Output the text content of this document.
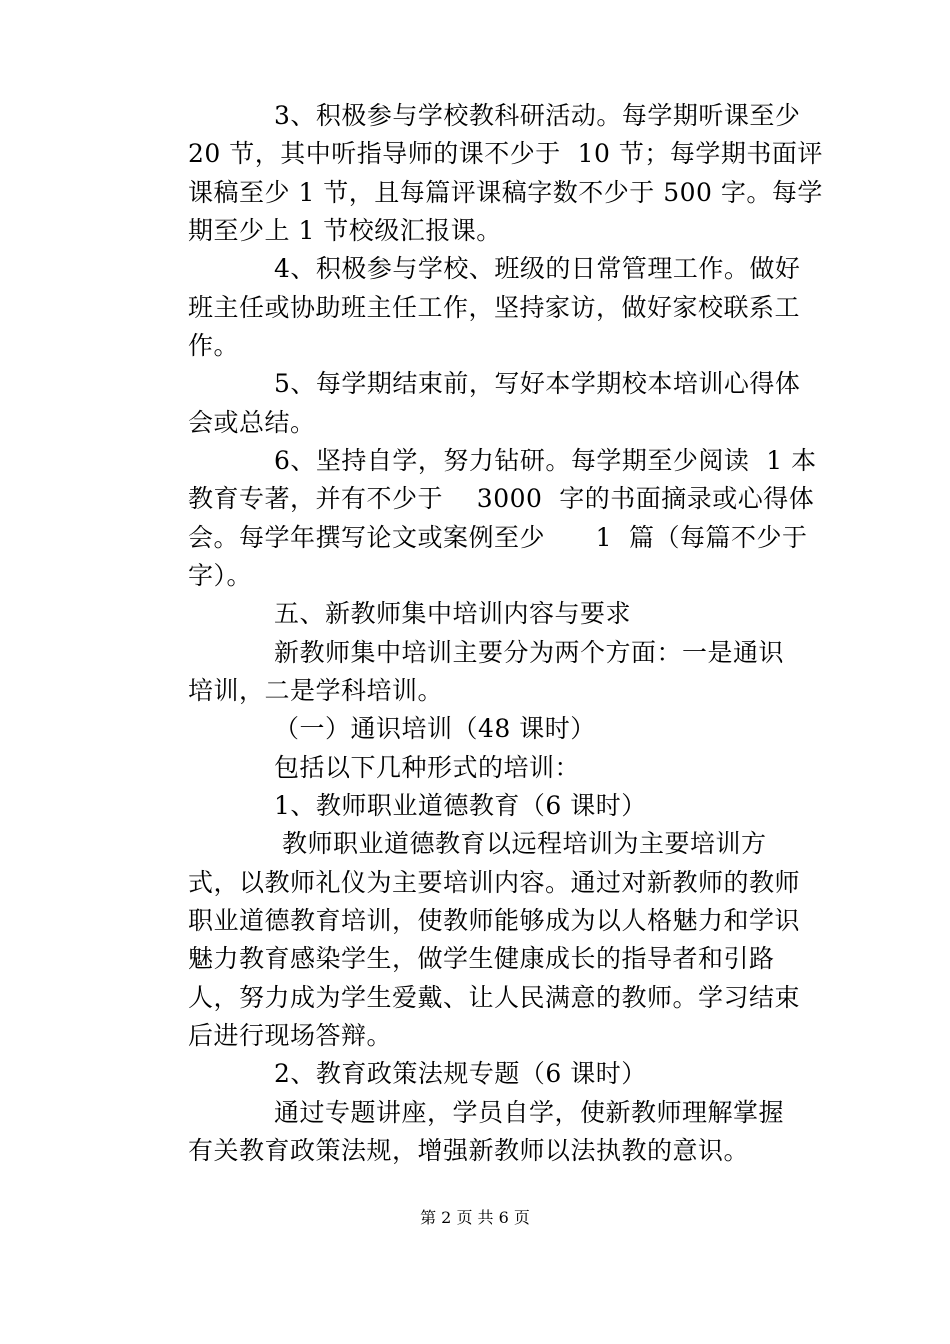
3、积极参与学校教科研活动。每学期听课至少
20 节，其中听指导师的课不少于  10 节；每学期书面评
课稿至少 1 节，且每篇评课稿字数不少于 500 字。每学
期至少上 1 节校级汇报课。
4、积极参与学校、班级的日常管理工作。做好
班主任或协助班主任工作，坚持家访，做好家校联系工
作。
5、每学期结束前，写好本学期校本培训心得体
会或总结。
6、坚持自学，努力钻研。每学期至少阅读  1 本
教育专著，并有不少于    3000  字的书面摘录或心得体
会。每学年撰写论文或案例至少      1  篇（每篇不少于
字）。
五、新教师集中培训内容与要求
新教师集中培训主要分为两个方面：一是通识
培训，二是学科培训。
（一）通识培训（48 课时）
包括以下几种形式的培训：
1、教师职业道德教育（6 课时）
教师职业道德教育以远程培训为主要培训方
式，以教师礼仪为主要培训内容。通过对新教师的教师
职业道德教育培训，使教师能够成为以人格魅力和学识
魅力教育感染学生，做学生健康成长的指导者和引路
人，努力成为学生爱戴、让人民满意的教师。学习结束
后进行现场答辩。
2、教育政策法规专题（6 课时）
通过专题讲座，学员自学，使新教师理解掌握
有关教育政策法规，增强新教师以法执教的意识。
第 2 页 共 6 页
